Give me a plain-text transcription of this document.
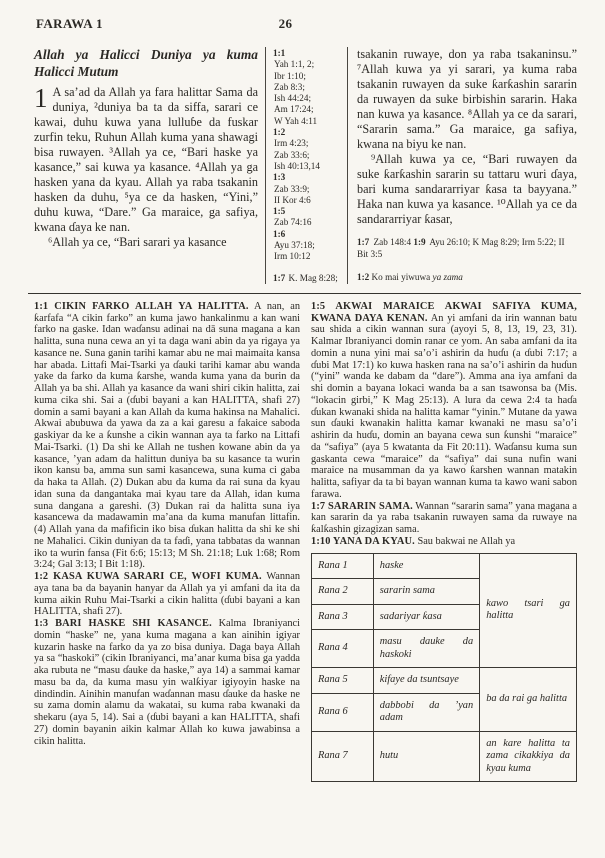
FARAWA 1	26
Allah ya Halicci Duniya ya kuma Halicci Mutum

1 A sa’ad da Allah ya fara halittar Sama da duniya, ²duniya ba ta da siffa, sarari ce kawai, duhu kuwa yana lulluɓe da fuskar zurfin teku, Ruhun Allah kuma yana shawagi bisa ruwayen. ³Allah ya ce, “Bari haske ya kasance,” sai kuwa ya kasance. ⁴Allah ya ga hasken yana da kyau. Allah ya raba tsakanin hasken da duhu, ⁵ya ce da hasken, “Yini,” duhu kuwa, “Dare.” Ga maraice, ga safiya, kwana ɗaya ke nan.

⁶Allah ya ce, “Bari sarari ya kasance

1:1
Yah 1:1, 2;
Ibr 1:10;
Zab 8:3;
Ish 44:24;
Am 17:24;
W Yah 4:11
1:2
Irm 4:23;
Zab 33:6;
Ish 40:13,14
1:3
Zab 33:9;
II Kor 4:6
1:5
Zab 74:16
1:6
Ayu 37:18;
Irm 10:12
1:7 K. Mag 8:28;

tsakanin ruwaye, don ya raba tsakaninsu.” ⁷Allah kuwa ya yi sarari, ya kuma raba tsakanin ruwayen da suke ƙarƙashin sararin da ruwayen da suke birbishin sararin. Haka nan kuwa ya kasance. ⁸Allah ya ce da sarari, “Sararin sama.” Ga maraice, ga safiya, kwana na biyu ke nan.

⁹Allah kuwa ya ce, “Bari ruwayen da suke ƙarƙashin sararin su tattaru wuri ɗaya, bari kuma sandararriyar ƙasa ta bayyana.” Haka nan kuwa ya kasance. ¹⁰Allah ya ce da sandararriyar ƙasar,

1:7 Zab 148:4 1:9 Ayu 26:10; K Mag 8:29; Irm 5:22; II Bit 3:5

1:2 Ko mai yiwuwa ya zama

1:1 CIKIN FARKO ALLAH YA HALITTA. A nan, an ƙarfafa “A cikin farko” an kuma jawo hankalinmu a kan wani farko na gaske. Idan waɗansu adinai na dā suna magana a kan halitta, suna nuna cewa an yi ta daga wani abin da ya rigaya ya kasance ne. Suna ganin tarihi kamar abu ne mai maimaita kansa har abada. Littafi Mai-Tsarki ya ɗauki tarihi kamar abu wanda yake da farko da kuma ƙarshe, wanda kuma yana da burin da Allah ya ba shi. Allah ya kasance da wani shiri cikin halitta, zai kuma cika shi. Sai a (ɗubi bayani a kan HALITTA, shafi 27) domin a sami bayani a kan Allah da kuma hakinsa na Mahalici. Akwai abubuwa da yawa da za a kai garesu a fakaice saboda gaskiyar da ke a ƙunshe a cikin wannan aya ta farko na Littafi Mai-Tsarki. (1) Da shi ke Allah ne tushen kowane abin da ya kasance, ’yan adam da halittun duniya ba su kasance ta wurin ikon kansu ba, amma sun sami kasancewa, suna kuma ci gaba da haka ta Allah. (2) Dukan abu da kuma da rai suna da kyau idan suna da dangantaka mai kyau tare da Allah, idan kuma suna dangana a gareshi. (3) Dukan rai da halitta suna iya kasancewa da madawamin ma’ana da kuma manufan littafin. (4) Allah yana da mafificin iko bisa ɗukan halitta da shi ke shi ne Mahalici. Cikin duniyan da ta faɗi, yana tabbatas da wannan iko ta wurin fansa (Fit 6:6; 15:13; M Sh. 21:18; Luk 1:68; Rom 3:24; Gal 3:13; I Bit 1:18).

1:2 KASA KUWA SARARI CE, WOFI KUMA. Wannan aya tana ba da bayanin hanyar da Allah ya yi amfani da ita da kuma aikin Ruhu Mai-Tsarki a cikin halitta (ɗubi bayani a kan HALITTA, shafi 27).

1:3 BARI HASKE SHI KASANCE. Kalma Ibraniyanci domin “haske” ne, yana kuma magana a kan ainihin igiyar kuzarin haske na farko da ya zo bisa duniya. Daga baya Allah ya sa “haskoki” (cikin Ibraniyanci, ma’anar kuma bisa ga yadda aka rubuta ne “masu ɗauke da haske,” aya 14) a sammai kamar masu ba da, da kuma masu yin walƙiyar igiyoyin haske na dindindin. Ainihin manufan waɗannan masu ɗauke da haske ne su zama domin alamu da wakatai, su kuma raba kwanaki da shekaru (aya 5, 14). Sai a (ɗubi bayani a kan HALITTA, shafi 27) domin bayanin aikin kalmar Allah ko kuwa jawabinsa a cikin halitta.

1:5 AKWAI MARAICE AKWAI SAFIYA KUMA, KWANA DAYA KENAN. An yi amfani da irin wannan batu sau shida a cikin wannan sura (ayoyi 5, 8, 13, 19, 23, 31). Kalmar Ibraniyanci domin ranar ce yom. An saba amfani da ita domin a nuna yini mai sa’o’i ashirin da huɗu (a ɗubi 7:17; a ɗubi Mat 17:1) ko kuwa hasken rana na sa’o’i ashirin da huɗun (“yini” wanda ke dabam da “dare”). Amma ana iya amfani da shi domin a bayana lokaci wanda ba a san tsawonsa ba (Mis. “lokacin girbi,” K Mag 25:13). A lura da cewa 2:4 ta haɗa ɗukan kwanaki shida na halitta kamar “yinin.” Mutane da yawa sun ɗauki kwanakin halitta kamar kwanaki ne masu sa’o’i ashirin da huɗu, domin an bayana cewa sun ƙunshi “maraice” da “safiya” (aya 5 kwatanta da Fit 20:11). Waɗansu kuma sun gaskanta cewa “maraice” da “safiya” dai suna nufin wani maraice na musamman da ya kawo ƙarshen wannan matakin halitta, safiyar da ta bi bayan wannan kuma ta kawo wani sabon farawa.

1:7 SARARIN SAMA. Wannan “sararin sama” yana magana a kan sararin da ya raba tsakanin ruwayen sama da ruwaye na ƙalƙashin gizagizan sama.

1:10 YANA DA KYAU. Sau bakwai ne Allah ya

Rana 1	haske	kawo tsari ga halitta
Rana 2	sararin sama	
Rana 3	sadariyar ƙasa	
Rana 4	masu dauke da haskoki	
Rana 5	kifaye da tsuntsaye	ba da rai ga halitta
Rana 6	dabbobi da ’yan adam	
Rana 7	hutu	an kare halitta ta zama cikakkiya da kyau kuma
